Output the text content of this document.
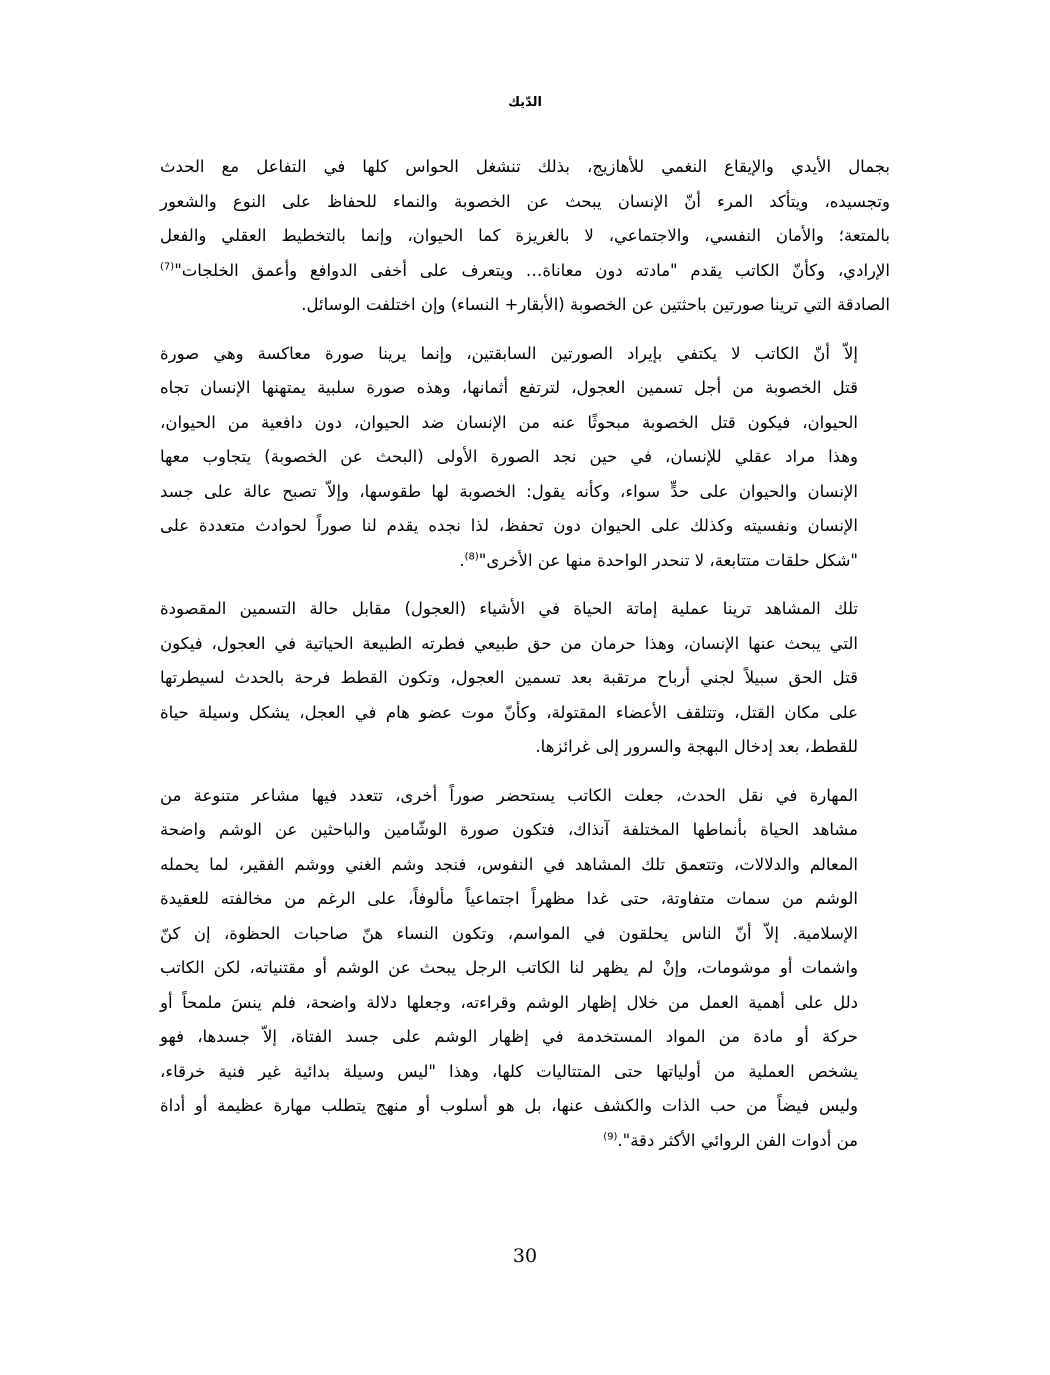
الدّيك

بجمال الأيدي والإيقاع النغمي للأهازيج، بذلك تنشغل الحواس كلها في التفاعل مع الحدث
وتجسيده، ويتأكد المرء أنّ الإنسان يبحث عن الخصوبة والنماء للحفاظ على النوع والشعور
بالمتعة؛ والأمان النفسي، والاجتماعي، لا بالغريزة كما الحيوان، وإنما بالتخطيط العقلي والفعل
الإرادي، وكأنّ الكاتب يقدم "مادته دون معاناة… ويتعرف على أخفى الدوافع وأعمق الخلجات"$^{(7)}$
الصادقة التي ترينا صورتين باحثتين عن الخصوبة (الأبقار+ النساء) وإن اختلفت الوسائل.

إلاّ أنّ الكاتب لا يكتفي بإيراد الصورتين السابقتين، وإنما يرينا صورة معاكسة وهي صورة
قتل الخصوبة من أجل تسمين العجول، لترتفع أثمانها، وهذه صورة سلبية يمتهنها الإنسان تجاه
الحيوان، فيكون قتل الخصوبة مبحوثًا عنه من الإنسان ضد الحيوان، دون دافعية من الحيوان،
وهذا مراد عقلي للإنسان، في حين نجد الصورة الأولى (البحث عن الخصوبة) يتجاوب معها
الإنسان والحيوان على حدٍّ سواء، وكأنه يقول: الخصوبة لها طقوسها، وإلاّ تصبح عالة على جسد
الإنسان ونفسيته وكذلك على الحيوان دون تحفظ، لذا نجده يقدم لنا صوراً لحوادث متعددة على
"شكل حلقات متتابعة، لا تنحدر الواحدة منها عن الأخرى"$^{(8)}$.

تلك المشاهد ترينا عملية إماتة الحياة في الأشياء (العجول) مقابل حالة التسمين المقصودة
التي يبحث عنها الإنسان، وهذا حرمان من حق طبيعي فطرته الطبيعة الحياتية في العجول، فيكون
قتل الحق سبيلاً لجني أرباح مرتقبة بعد تسمين العجول، وتكون القطط فرحة بالحدث لسيطرتها
على مكان القتل، وتتلقف الأعضاء المقتولة، وكأنّ موت عضو هام في العجل، يشكل وسيلة حياة
للقطط، بعد إدخال البهجة والسرور إلى غرائزها.

المهارة في نقل الحدث، جعلت الكاتب يستحضر صوراً أخرى، تتعدد فيها مشاعر متنوعة من
مشاهد الحياة بأنماطها المختلفة آنذاك، فتكون صورة الوشّامين والباحثين عن الوشم واضحة
المعالم والدلالات، وتتعمق تلك المشاهد في النفوس، فنجد وشم الغني ووشم الفقير، لما يحمله
الوشم من سمات متفاوتة، حتى غدا مظهراً اجتماعياً مألوفاً، على الرغم من مخالفته للعقيدة
الإسلامية. إلاّ أنّ الناس يحلقون في المواسم، وتكون النساء هنّ صاحبات الحظوة، إن كنّ
واشمات أو موشومات، وإنْ لم يظهر لنا الكاتب الرجل يبحث عن الوشم أو مقتنياته، لكن الكاتب
دلل على أهمية العمل من خلال إظهار الوشم وقراءته، وجعلها دلالة واضحة، فلم ينسَ ملمحاً أو
حركة أو مادة من المواد المستخدمة في إظهار الوشم على جسد الفتاة، إلاّ جسدها، فهو
يشخص العملية من أولياتها حتى المتتاليات كلها، وهذا "ليس وسيلة بدائية غير فنية خرقاء،
وليس فيضاً من حب الذات والكشف عنها، بل هو أسلوب أو منهج يتطلب مهارة عظيمة أو أداة
من أدوات الفن الروائي الأكثر دقة".$^{(9)}$

30
